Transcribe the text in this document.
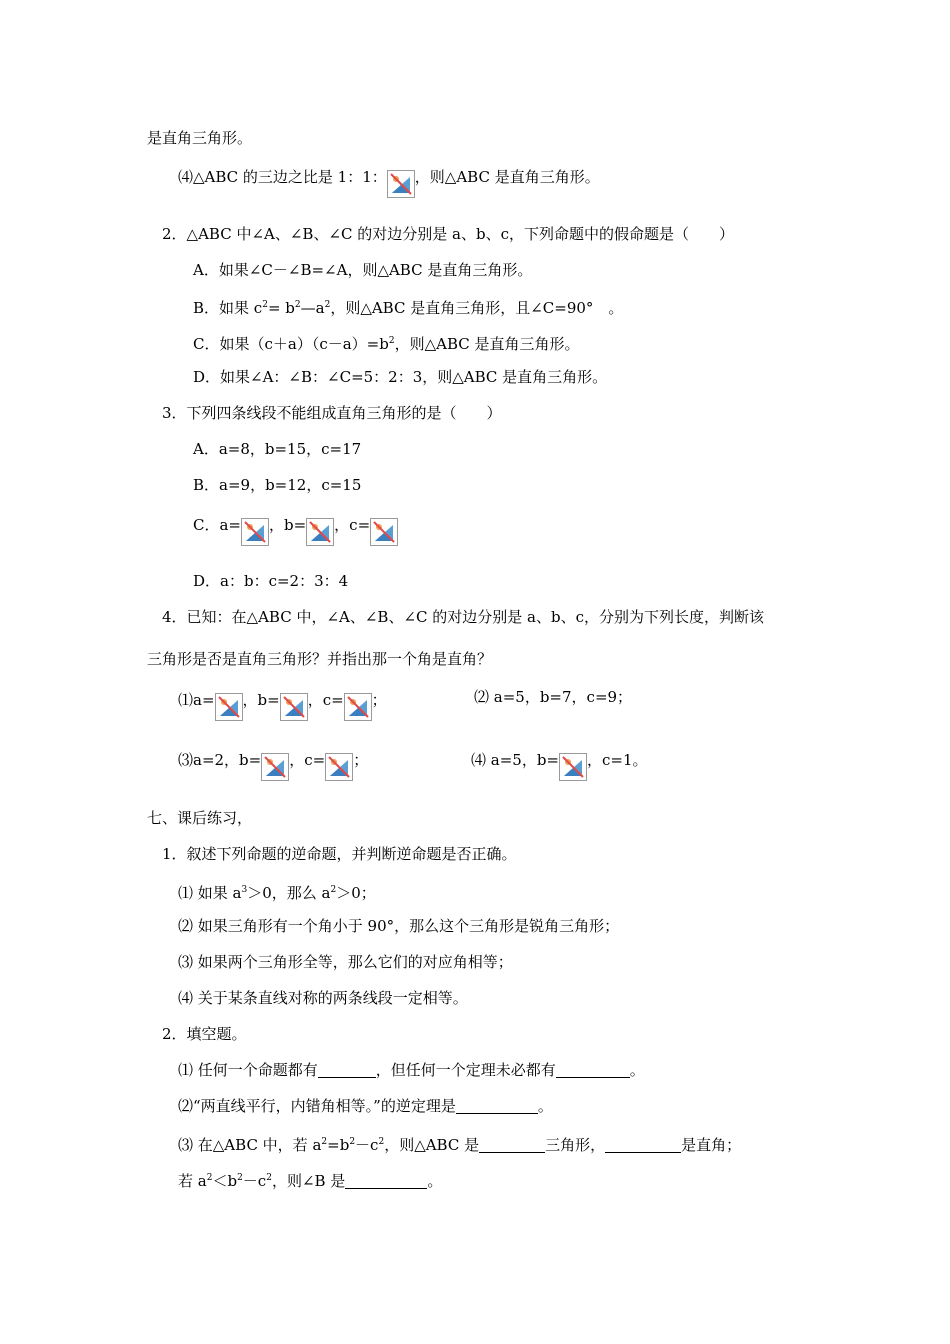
是直角三角形。
⑷△ABC 的三边之比是 1：1： ，则△ABC 是直角三角形。
2．△ABC 中∠A、∠B、∠C 的对边分别是 a、b、c，下列命题中的假命题是（　　）
A．如果∠C－∠B=∠A，则△ABC 是直角三角形。
B．如果 $c^2=$ $b^2—a^2$，则△ABC 是直角三角形，且∠C=90°　。
C．如果$(c+a)(c-a)=b^2$，则△ABC 是直角三角形。
D．如果∠A：∠B：∠C=5：2：3，则△ABC 是直角三角形。
3．下列四条线段不能组成直角三角形的是（　　）
A．a=8，b=15，c=17
B．a=9，b=12，c=15
C．a= ，b= ，c=
D．a：b：c=2：3：4
4．已知：在△ABC 中，∠A、∠B、∠C 的对边分别是 a、b、c，分别为下列长度，判断该
三角形是否是直角三角形？并指出那一个角是直角？
⑴a= ，b= ，c= ；	⑵ a=5，b=7，c=9；
⑶a=2，b= ，c= ；	⑷ a=5，b= ，c=1。
七、课后练习，
1．叙述下列命题的逆命题，并判断逆命题是否正确。
⑴ 如果 $a^3>0$，那么 $a^2>0$；
⑵ 如果三角形有一个角小于 90°，那么这个三角形是锐角三角形；
⑶ 如果两个三角形全等，那么它们的对应角相等；
⑷ 关于某条直线对称的两条线段一定相等。
2．填空题。
⑴ 任何一个命题都有	，但任何一个定理未必都有	。
⑵“两直线平行，内错角相等。”的逆定理是	。
⑶ 在△ABC 中，若 $a^2=b^2-c^2$，则△ABC 是	三角形，	是直角；
若 $a^2<b^2-c^2$，则∠B 是	。
